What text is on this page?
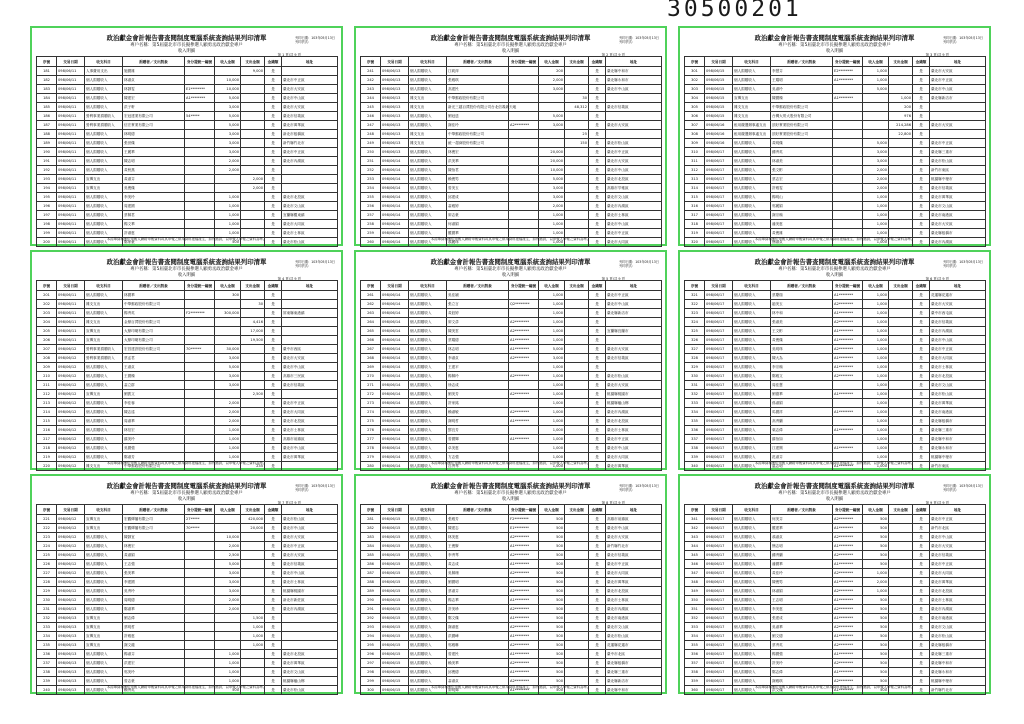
30500201
政治獻金會計報告書查閱制度電腦系統查詢結果列印清單
專戶名稱：第5屆臺北市市長擬參選人顧勇丞政治獻金專戶
收入明細
列印日期：103年05月13日
列印頁次：
第 1 頁/共 9 頁
序號	交易日期	收支科目	捐贈者／支出對象	身分證統一編號	收入金額	支出金額	金錢類	地址
181	098/06/11	人事費用支出	施國雄			9,000	是	
182	098/06/11	個人捐贈收入	林淑貞		10,000		是	臺北市中正區
183	098/06/11	個人捐贈收入	林靜雯	E1********	10,000		是	臺北市大安區
184	098/06/11	個人捐贈收入	陳建宏	A1********	5,000		是	臺北市中山區
185	098/06/11	個人捐贈收入	洪子軒		3,000		是	臺北市大安區
186	098/06/11	營利事業捐贈收入	宏冠建業有限公司	54*****	5,000		是	臺北市信義區
187	098/06/11	營利事業捐贈收入	信宏實業有限公司		5,000		是	臺北市萬華區
188	098/06/11	個人捐贈收入	林明德		3,000		是	新北市板橋區
189	098/06/11	個人捐贈收入	張世傑		3,000		是	新竹縣竹北市
190	098/06/11	個人捐贈收入	王麗華		3,000		是	臺北市中正區
191	098/06/11	個人捐贈收入	陳志明		2,000		是	臺北市內湖區
192	098/06/11	個人捐贈收入	黃秋燕		2,000		是	
193	098/06/11	宣傳支出	黃淑芬			2,000	是	
194	098/06/11	宣傳支出	吳俊傑			2,000	是	
195	098/06/11	個人捐贈收入	李美玲		1,000		是	臺北市北投區
196	098/06/11	個人捐贈收入	周建國		1,000		是	臺北市文山區
197	098/06/11	個人捐贈收入	蔡佩君		1,000		是	宜蘭縣羅東鎮
198	098/06/11	個人捐贈收入	楊文華		1,000		是	臺北市大同區
199	098/06/11	個人捐贈收入	許淑惠		1,000		是	臺北市士林區
200	098/06/11	個人捐贈收入	鄭家豪		500		是	臺北市松山區
本清單資料係依申報人網路申報資料或其申報之紙本資料建檔產生，如有錯誤，以申報人申報之資料為準。
政治獻金會計報告書查閱制度電腦系統查詢結果列印清單
專戶名稱：第5屆臺北市市長擬參選人顧勇丞政治獻金專戶
收入明細
列印日期：103年05月13日
列印頁次：
第 2 頁/共 9 頁
序號	交易日期	收支科目	捐贈者／支出對象	身分證統一編號	收入金額	支出金額	金錢類	地址
241	098/06/13	個人捐贈收入	江莉萍		200		是	臺北縣中和市
242	098/06/13	個人捐贈收入	張雅琪		2,000		是	臺北縣永和市
243	098/06/13	個人捐贈收入	高建民		3,000		是	臺北市中山區
244	098/06/13	雜支支出	中華郵政股份有限公司			30	是	
245	098/06/13	雜支支出	新光三越百貨股份有限公司台北信義新天地			48,312	是	臺北市信義區
246	098/06/13	個人捐贈收入	劉冠廷		5,000		是	
247	098/06/13	個人捐贈收入	謝佳玲	A2********	3,000		是	臺北市大安區
248	098/06/13	雜支支出	中華郵政股份有限公司			25	是	
249	098/06/13	雜支支出	統一超商股份有限公司			150	是	臺北市松山區
250	098/06/13	個人捐贈收入	林俊宏		20,000		是	臺北市中正區
251	098/06/14	個人捐贈收入	洪美華		20,000		是	臺北市大安區
252	098/06/14	個人捐贈收入	陳怡君		10,000		是	臺北市中山區
253	098/06/14	個人捐贈收入	賴俊男		5,000		是	臺北市北投區
254	098/06/14	個人捐贈收入	曾美玉		3,000		是	高雄市苓雅區
255	098/06/14	個人捐贈收入	邱建成		3,000		是	臺北市文山區
256	098/06/14	個人捐贈收入	蕭雅婷		2,000		是	臺北市內湖區
257	098/06/14	個人捐贈收入	廖志豪		1,000		是	臺北市士林區
258	098/06/14	個人捐贈收入	何淑娟		1,000		是	臺北市中山區
259	098/06/14	個人捐贈收入	羅國華		1,000		是	臺北市中正區
260	098/06/14	個人捐贈收入	翁麗珠		1,000		是	臺北市大同區
本清單資料係依申報人網路申報資料或其申報之紙本資料建檔產生，如有錯誤，以申報人申報之資料為準。
政治獻金會計報告書查閱制度電腦系統查詢結果列印清單
專戶名稱：第5屆臺北市市長擬參選人顧勇丞政治獻金專戶
收入明細
列印日期：103年05月13日
列印頁次：
第 3 頁/共 9 頁
序號	交易日期	收支科目	捐贈者／支出對象	身分證統一編號	收入金額	支出金額	金錢類	地址
301	098/06/15	個人捐贈收入	李慧芬	E2********	1,000		是	臺北市大安區
302	098/06/15	個人捐贈收入	王耀明	A1********	1,000		是	臺北市中正區
303	098/06/15	個人捐贈收入	吳淑玲		5,000		是	臺北市中山區
304	098/06/15	宣傳支出	陳國棟	A1********		1,000	是	臺北縣新店市
305	098/06/15	雜支支出	中華郵政股份有限公司			200	是	
306	098/06/15	雜支支出	台灣大哥大股份有限公司			976	是	
307	098/06/16	租用競選辦事處支出	頂好實業股份有限公司			214,286	是	臺北市大安區
308	098/06/16	租用競選辦事處支出	頂好實業股份有限公司			22,800	是	
309	098/06/16	個人捐贈收入	黃明傑		5,000		是	臺北市中正區
310	098/06/17	個人捐贈收入	鍾秀英		3,000		是	臺北縣三重市
311	098/06/17	個人捐贈收入	林淑美		3,000		是	臺北市松山區
312	098/06/17	個人捐贈收入	張文彬		2,000		是	新竹市東區
313	098/06/17	個人捐贈收入	蔡志宏		2,000		是	桃園縣中壢市
314	098/06/17	個人捐贈收入	許雅雯		2,000		是	臺北市信義區
315	098/06/17	個人捐贈收入	楊明山		1,000		是	臺北市萬華區
316	098/06/17	個人捐贈收入	郭麗娟		1,000		是	臺北市文山區
317	098/06/17	個人捐贈收入	謝宗翰		1,000		是	臺北市南港區
318	098/06/17	個人捐贈收入	潘美惠		1,000		是	臺北市大安區
319	098/06/17	個人捐贈收入	黃俊雄		1,000		是	臺北縣板橋市
320	098/06/17	個人捐贈收入	簡淑貞		1,000		是	臺北市內湖區
本清單資料係依申報人網路申報資料或其申報之紙本資料建檔產生，如有錯誤，以申報人申報之資料為準。
政治獻金會計報告書查閱制度電腦系統查詢結果列印清單
專戶名稱：第5屆臺北市市長擬參選人顧勇丞政治獻金專戶
收入明細
列印日期：103年05月13日
列印頁次：
第 4 頁/共 9 頁
序號	交易日期	收支科目	捐贈者／支出對象	身分證統一編號	收入金額	支出金額	金錢類	地址
201	098/06/11	個人捐贈收入	林國華		300		是	
202	098/06/11	雜支支出	中華郵政股份有限公司			30	是	
203	098/06/11	個人捐贈收入	楊秀英	F2********	300,000		是	屏東縣東港鎮
204	098/06/11	雜支支出	金鼎百貨股份有限公司			4,416	是	
205	098/06/11	宣傳支出	大鼎印刷有限公司			17,000	是	
206	098/06/11	宣傳支出	大鼎印刷有限公司			19,500	是	
207	098/06/12	營利事業捐贈收入	宏昌建設股份有限公司	70******	30,000		是	臺中市西區
208	098/06/12	營利事業捐贈收入	蔡孟君		3,000		是	臺北市大安區
209	098/06/12	個人捐贈收入	王淑貞		5,000		是	臺北市中山區
210	098/06/12	個人捐贈收入	王國棟		3,000		是	高雄市三民區
211	098/06/12	個人捐贈收入	蕭立群		3,000		是	臺北市信義區
212	098/06/12	宣傳支出	劉凱文			2,500	是	
213	098/06/12	個人捐贈收入	李佳蓉		2,000		是	臺北市中正區
214	098/06/12	個人捐贈收入	陳志遠		2,000		是	臺北市大同區
215	098/06/12	個人捐贈收入	周淑華		2,000		是	臺北市北投區
216	098/06/12	個人捐贈收入	林信宏		1,000		是	臺北市士林區
217	098/06/12	個人捐贈收入	蘇美玲		1,000		是	高雄市前鎮區
218	098/06/12	個人捐贈收入	吳國強		1,000		是	臺北市中山區
219	098/06/12	個人捐贈收入	鄭淑芳		1,000		是	臺北市萬華區
220	098/06/12	雜支支出	中華郵政股份有限公司			235	是	
本清單資料係依申報人網路申報資料或其申報之紙本資料建檔產生，如有錯誤，以申報人申報之資料為準。
政治獻金會計報告書查閱制度電腦系統查詢結果列印清單
專戶名稱：第5屆臺北市市長擬參選人顧勇丞政治獻金專戶
收入明細
列印日期：103年05月13日
列印頁次：
第 5 頁/共 9 頁
序號	交易日期	收支科目	捐贈者／支出對象	身分證統一編號	收入金額	支出金額	金錢類	地址
261	098/06/14	個人捐贈收入	吳佳穎		1,000		是	臺北市中正區
262	098/06/14	個人捐贈收入	張立言	Q2********	1,000		是	臺北市中山區
263	098/06/14	個人捐贈收入	黃鈺婷		1,000		是	臺北縣新店市
264	098/06/14	個人捐贈收入	廖文彥	A2********	1,000		是	
265	098/06/14	個人捐贈收入	陳美雲	A2********	1,000		是	宜蘭縣宜蘭市
266	098/06/14	個人捐贈收入	蔡耀德	A1********	1,000		是	
267	098/06/14	個人捐贈收入	林志明	A1********	5,000		是	臺北市大安區
268	098/06/14	個人捐贈收入	李淑貞	A2********	3,000		是	臺北市信義區
269	098/06/14	個人捐贈收入	王建平		1,000		是	
270	098/06/14	個人捐贈收入	楊佩玲	A2********	1,000		是	臺北市松山區
271	098/06/14	個人捐贈收入	徐志成		1,000		是	臺北市大安區
272	098/06/14	個人捐贈收入	劉美芳	A2********	1,000		是	桃園縣桃園市
273	098/06/14	個人捐贈收入	許家銘		1,000		是	桃園縣龜山鄉
274	098/06/14	個人捐贈收入	賴淑敏	A2********	1,000		是	臺北市內湖區
275	098/06/14	個人捐贈收入	謝明哲	A1********	1,000		是	臺北市北投區
276	098/06/14	個人捐贈收入	鄧宜芳		1,000		是	臺北市士林區
277	098/06/14	個人捐贈收入	曾國輝	A1********	1,000		是	臺北市中正區
278	098/06/14	個人捐贈收入	卓美惠		1,000		是	臺北市中山區
279	098/06/14	個人捐贈收入	方志強		1,000		是	臺北市大同區
280	098/06/14	個人捐贈收入	呂秀琴		1,000		是	臺北市萬華區
本清單資料係依申報人網路申報資料或其申報之紙本資料建檔產生，如有錯誤，以申報人申報之資料為準。
政治獻金會計報告書查閱制度電腦系統查詢結果列印清單
專戶名稱：第5屆臺北市市長擬參選人顧勇丞政治獻金專戶
收入明細
列印日期：103年05月13日
列印頁次：
第 6 頁/共 9 頁
序號	交易日期	收支科目	捐贈者／支出對象	身分證統一編號	收入金額	支出金額	金錢類	地址
321	098/06/17	個人捐贈收入	蔡慶瑞	A1********	1,000		是	花蓮縣花蓮市
322	098/06/17	個人捐贈收入	趙美玉	A2********	1,000		是	臺北市大安區
323	098/06/17	個人捐贈收入	林中和	A1********	1,000		是	臺中市西屯區
324	098/06/17	個人捐贈收入	張淑美	A2********	1,000		是	臺北市信義區
325	098/06/17	個人捐贈收入	王文彬	A1********	1,000		是	臺北市內湖區
326	098/06/17	個人捐贈收入	黃俊傑	A1********	1,000		是	臺北市中山區
327	098/06/17	個人捐贈收入	吳明珠	A2********	1,000		是	臺北市中正區
328	098/06/17	個人捐贈收入	陳大為	A1********	1,000		是	臺北市大同區
329	098/06/17	個人捐贈收入	李宗翰	A1********	1,000		是	臺北市士林區
330	098/06/17	個人捐贈收入	鄭雅文	A2********	1,000		是	臺北市北投區
331	098/06/17	個人捐贈收入	周佳慧		1,000		是	臺北市文山區
332	098/06/17	個人捐贈收入	劉德華	A1********	1,000		是	臺北市松山區
333	098/06/17	個人捐贈收入	孫淑娟		1,000		是	臺北市萬華區
334	098/06/17	個人捐贈收入	馬國祥	A1********	1,000		是	臺北市南港區
335	098/06/17	個人捐贈收入	高秀蘭		1,000		是	臺北縣板橋市
336	098/06/17	個人捐贈收入	葉志偉	A1********	1,000		是	臺北縣三重市
337	098/06/17	個人捐贈收入	蘇怡如		1,000		是	臺北縣中和市
338	098/06/17	個人捐贈收入	江建興	A1********	1,000		是	臺北縣永和市
339	098/06/17	個人捐贈收入	范淑芬		1,000		是	桃園縣中壢市
340	098/06/17	個人捐贈收入	溫志明	A1********	1,000		是	新竹市東區
本清單資料係依申報人網路申報資料或其申報之紙本資料建檔產生，如有錯誤，以申報人申報之資料為準。
政治獻金會計報告書查閱制度電腦系統查詢結果列印清單
專戶名稱：第5屆臺北市市長擬參選人顧勇丞政治獻金專戶
收入明細
列印日期：103年05月13日
列印頁次：
第 7 頁/共 9 頁
序號	交易日期	收支科目	捐贈者／支出對象	身分證統一編號	收入金額	支出金額	金錢類	地址
221	098/06/12	宣傳支出	宏觀傳播有限公司	27*****		420,000	是	臺北市松山區
222	098/06/12	宣傳支出	宏觀傳播有限公司	70*****		20,000	是	臺北市中山區
223	098/06/12	個人捐贈收入	陳靜宜		10,000		是	臺北市大安區
224	098/06/12	個人捐贈收入	林俊宏		2,000		是	臺北市中正區
225	098/06/12	個人捐贈收入	黃淑娟		2,500		是	臺北市大安區
226	098/06/12	個人捐贈收入	王志強		5,000		是	臺北市信義區
227	098/06/12	個人捐贈收入	張美華		3,000		是	臺北市中山區
228	098/06/12	個人捐贈收入	李建國		3,000		是	臺北市士林區
229	098/06/12	個人捐贈收入	吳秀玲		3,000		是	桃園縣桃園市
230	098/06/12	個人捐贈收入	周明德		2,000		是	新北市新莊區
231	098/06/13	個人捐贈收入	鄭淑華		2,000		是	臺北市內湖區
232	098/06/13	宣傳支出	劉志偉			1,500	是	
233	098/06/13	宣傳支出	蔡明哲			1,000	是	
234	098/06/13	宣傳支出	許雅惠			1,000	是	
235	098/06/13	宣傳支出	謝文龍			1,000	是	
236	098/06/13	個人捐贈收入	楊淑芬		1,000		是	臺北市北投區
237	098/06/13	個人捐贈收入	洪建宏		1,000		是	臺北市萬華區
238	098/06/13	個人捐贈收入	郭美玲		1,000		是	臺北市文山區
239	098/06/13	個人捐贈收入	曾志豪		1,000		是	桃園縣龜山鄉
240	098/06/13	個人捐贈收入	賴秀英		500		是	臺北市松山區
本清單資料係依申報人網路申報資料或其申報之紙本資料建檔產生，如有錯誤，以申報人申報之資料為準。
政治獻金會計報告書查閱制度電腦系統查詢結果列印清單
專戶名稱：第5屆臺北市市長擬參選人顧勇丞政治獻金專戶
收入明細
列印日期：103年05月13日
列印頁次：
第 8 頁/共 9 頁
序號	交易日期	收支科目	捐贈者／支出對象	身分證統一編號	收入金額	支出金額	金錢類	地址
281	098/06/15	個人捐贈收入	張雅芳	F2********	500		是	高雄市前鎮區
282	098/06/15	個人捐贈收入	陳建志	E1********	500		是	臺北市中山區
283	098/06/15	個人捐贈收入	林美惠	A2********	500		是	臺北市大安區
284	098/06/15	個人捐贈收入	王俊賢	A1********	500		是	新竹縣竹北市
285	098/06/15	個人捐贈收入	李秀琴	A2********	500		是	臺北市信義區
286	098/06/15	個人捐贈收入	黃志成	A1********	500		是	臺北市中正區
287	098/06/15	個人捐贈收入	吳佩珊	A2********	500		是	臺北市大同區
288	098/06/15	個人捐贈收入	劉國明	A1********	500		是	臺北市萬華區
289	098/06/15	個人捐贈收入	蔡淑芬	A2********	500		是	臺北市北投區
290	098/06/15	個人捐贈收入	楊志華	A1********	500		是	臺北市士林區
291	098/06/15	個人捐贈收入	許美珍	A2********	500		是	臺北市內湖區
292	098/06/15	個人捐贈收入	鄭文傑	A1********	500		是	臺北市南港區
293	098/06/15	個人捐贈收入	謝淑惠	A2********	500		是	臺北市文山區
294	098/06/15	個人捐贈收入	洪國峰	A1********	500		是	臺北市松山區
295	098/06/15	個人捐贈收入	郭雅琳	A2********	500		是	花蓮縣花蓮市
296	098/06/15	個人捐贈收入	曾建民	A1********	500		是	臺中市北區
297	098/06/15	個人捐贈收入	賴美華	A2********	500		是	臺北縣板橋市
298	098/06/15	個人捐贈收入	邱俊德	A1********	500		是	臺北縣三重市
299	098/06/15	個人捐贈收入	蕭淑貞	A2********	500		是	臺北縣新店市
300	098/06/15	個人捐贈收入	廖明輝	A1********	500		是	臺北縣中和市
本清單資料係依申報人網路申報資料或其申報之紙本資料建檔產生，如有錯誤，以申報人申報之資料為準。
政治獻金會計報告書查閱制度電腦系統查詢結果列印清單
專戶名稱：第5屆臺北市市長擬參選人顧勇丞政治獻金專戶
收入明細
列印日期：103年05月13日
列印頁次：
第 9 頁/共 9 頁
序號	交易日期	收支科目	捐贈者／支出對象	身分證統一編號	收入金額	支出金額	金錢類	地址
341	098/06/17	個人捐贈收入	何美芬	A2********	500		是	臺北市中正區
342	098/06/17	個人捐贈收入	羅建華	A1********	500		是	新竹市北區
343	098/06/17	個人捐贈收入	翁淑貞	A2********	500		是	臺北市中山區
344	098/06/17	個人捐贈收入	簡志明	A1********	500		是	臺北市大安區
345	098/06/17	個人捐贈收入	鍾秀蘭	A2********	500		是	臺北市信義區
346	098/06/17	個人捐贈收入	潘國華	A1********	500		是	臺北市中正區
347	098/06/17	個人捐贈收入	黃佳玲	A2********	1,000		是	臺北市大同區
348	098/06/17	個人捐贈收入	陳俊男	A1********	2,000		是	臺北市萬華區
349	098/06/17	個人捐贈收入	林淑娟	A2********	1,000		是	臺北市北投區
350	098/06/17	個人捐贈收入	王志明	A1********	500		是	臺北市士林區
351	098/06/17	個人捐贈收入	李美惠	A2********	500		是	臺北市內湖區
352	098/06/17	個人捐贈收入	張建成	A1********	500		是	臺北市南港區
353	098/06/17	個人捐贈收入	吳淑華	A2********	500		是	臺北市文山區
354	098/06/17	個人捐贈收入	劉文德	A1********	500		是	臺北市松山區
355	098/06/17	個人捐贈收入	蔡秀英	A2********	500		是	臺北縣板橋市
356	098/06/17	個人捐贈收入	楊國強	A1********	500		是	臺北縣三重市
357	098/06/17	個人捐贈收入	許美玲	A2********	500		是	臺北縣中和市
358	098/06/17	個人捐贈收入	鄭志偉	A1********	500		是	臺北縣永和市
359	098/06/17	個人捐贈收入	謝雅琪	A2********	500		是	桃園縣中壢市
360	098/06/17	個人捐贈收入	洪文傑	A1********	500		是	新竹縣竹北市
本清單資料係依申報人網路申報資料或其申報之紙本資料建檔產生，如有錯誤，以申報人申報之資料為準。
